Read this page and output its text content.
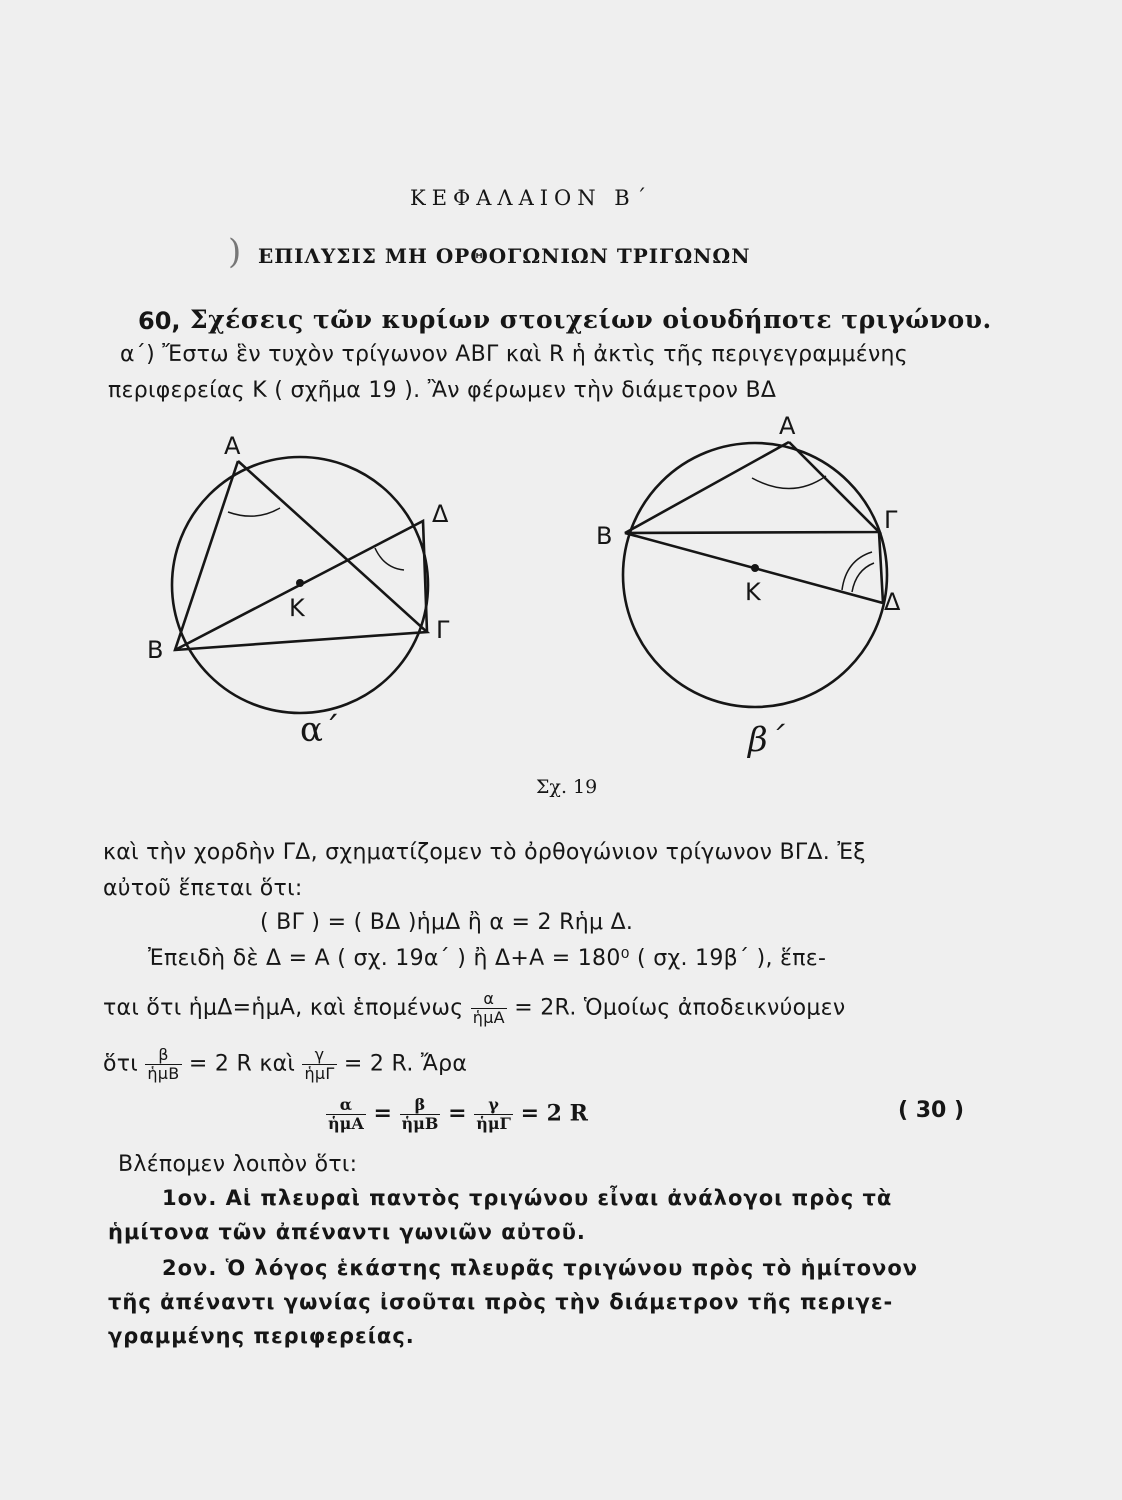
ΚΕΦΑΛΑΙΟΝ Β΄
) ΕΠΙΛΥΣΙΣ ΜΗ ΟΡΘΟΓΩΝΙΩΝ ΤΡΙΓΩΝΩΝ
60, Σχέσεις τῶν κυρίων στοιχείων οἱουδήποτε τριγώνου.
α΄) Ἔστω ἓν τυχὸν τρίγωνον ΑΒΓ καὶ R ἡ ἀκτὶς τῆς περιγεγραμμένης
περιφερείας Κ ( σχῆμα 19 ). Ἂν φέρωμεν τὴν διάμετρον ΒΔ
Α
Β
Γ
Δ
Κ
α΄
Α
Β
Γ
Δ
Κ
β΄
Σχ. 19
καὶ τὴν χορδὴν ΓΔ, σχηματίζομεν τὸ ὀρθογώνιον τρίγωνον ΒΓΔ. Ἐξ
αὐτοῦ ἕπεται ὅτι:
( ΒΓ ) = ( ΒΔ )ἡμΔ ἢ α = 2 Rἡμ Δ.
Ἐπειδὴ δὲ Δ = Α ( σχ. 19α΄ ) ἢ Δ+Α = 180⁰ ( σχ. 19β΄ ), ἕπε-
ται ὅτι ἡμΔ=ἡμΑ, καὶ ἑπομένως $\frac{\alpha}{\text{ἡμΑ}} = 2R$. Ὁμοίως ἀποδεικνύομεν
ὅτι $\frac{\beta}{\text{ἡμΒ}} = 2$ R καὶ $\frac{\gamma}{\text{ἡμΓ}} = 2$ R. Ἄρα
$\frac{\alpha}{\text{ἡμΑ}} = \frac{\beta}{\text{ἡμΒ}} = \frac{\gamma}{\text{ἡμΓ}} = 2$ R	( 30 )
Βλέπομεν λοιπὸν ὅτι:
1ον. Αἱ πλευραὶ παντὸς τριγώνου εἶναι ἀνάλογοι πρὸς τὰ
ἡμίτονα τῶν ἀπέναντι γωνιῶν αὐτοῦ.
2ον. Ὁ λόγος ἑκάστης πλευρᾶς τριγώνου πρὸς τὸ ἡμίτονον
τῆς ἀπέναντι γωνίας ἰσοῦται πρὸς τὴν διάμετρον τῆς περιγε-
γραμμένης περιφερείας.
